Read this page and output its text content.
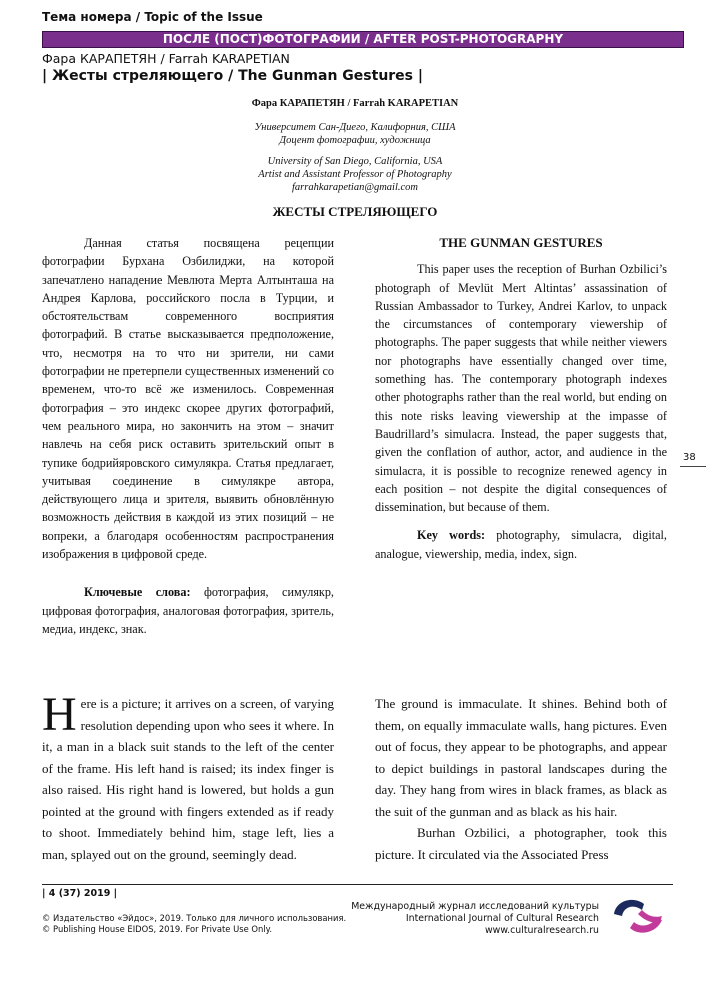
Тема номера / Topic of the Issue
ПОСЛЕ (ПОСТ)ФОТОГРАФИИ / AFTER POST-PHOTOGRAPHY
Фара КАРАПЕТЯН / Farrah KARAPETIAN
| Жесты стреляющего / The Gunman Gestures |
Фара КАРАПЕТЯН / Farrah KARAPETIAN
Университет Сан-Диего, Калифорния, США
Доцент фотографии, художница
University of San Diego, California, USA
Artist and Assistant Professor of Photography
farrahkarapetian@gmail.com
ЖЕСТЫ СТРЕЛЯЮЩЕГО

Данная статья посвящена рецепции фотографии Бурхана Озбилиджи, на которой запечатлено нападение Мевлюта Мерта Алтынташа на Андрея Карлова, российского посла в Турции, и обстоятельствам современного восприятия фотографий. В статье высказывается предположение, что, несмотря на то что ни зрители, ни сами фотографии не претерпели существенных изменений со временем, что-то всё же изменилось. Современная фотография – это индекс скорее других фотографий, чем реального мира, но закончить на этом – значит навлечь на себя риск оставить зрительский опыт в тупике бодрийяровского симулякра. Статья предлагает, учитывая соединение в симулякре автора, действующего лица и зрителя, выявить обновлённую возможность действия в каждой из этих позиций – не вопреки, а благодаря особенностям распространения изображения в цифровой среде.

Ключевые слова: фотография, симулякр, цифровая фотография, аналоговая фотография, зритель, медиа, индекс, знак.

THE GUNMAN GESTURES

This paper uses the reception of Burhan Ozbilici’s photograph of Mevlüt Mert Altintas’ assassination of Russian Ambassador to Turkey, Andrei Karlov, to unpack the circumstances of contemporary viewership of photographs. The paper suggests that while neither viewers nor photographs have essentially changed over time, something has. The contemporary photograph indexes other photographs rather than the real world, but ending on this note risks leaving viewership at the impasse of Baudrillard’s simulacra. Instead, the paper suggests that, given the conflation of author, actor, and audience in the simulacra, it is possible to recognize renewed agency in each position – not despite the digital consequences of dissemination, but because of them.

Key words: photography, simulacra, digital, analogue, viewership, media, index, sign.

38

Here is a picture; it arrives on a screen, of varying resolution depending upon who sees it where. In it, a man in a black suit stands to the left of the center of the frame. His left hand is raised; its index finger is also raised. His right hand is lowered, but holds a gun pointed at the ground with fingers extended as if ready to shoot. Immediately behind him, stage left, lies a man, splayed out on the ground, seemingly dead.

The ground is immaculate. It shines. Behind both of them, on equally immaculate walls, hang pictures. Even out of focus, they appear to be photographs, and appear to depict buildings in pastoral landscapes during the day. They hang from wires in black frames, as black as the suit of the gunman and as black as his hair.

Burhan Ozbilici, a photographer, took this picture. It circulated via the Associated Press

| 4 (37) 2019 |
© Издательство «Эйдос», 2019. Только для личного использования.
© Publishing House EIDOS, 2019. For Private Use Only.
Международный журнал исследований культуры
International Journal of Cultural Research
www.culturalresearch.ru
